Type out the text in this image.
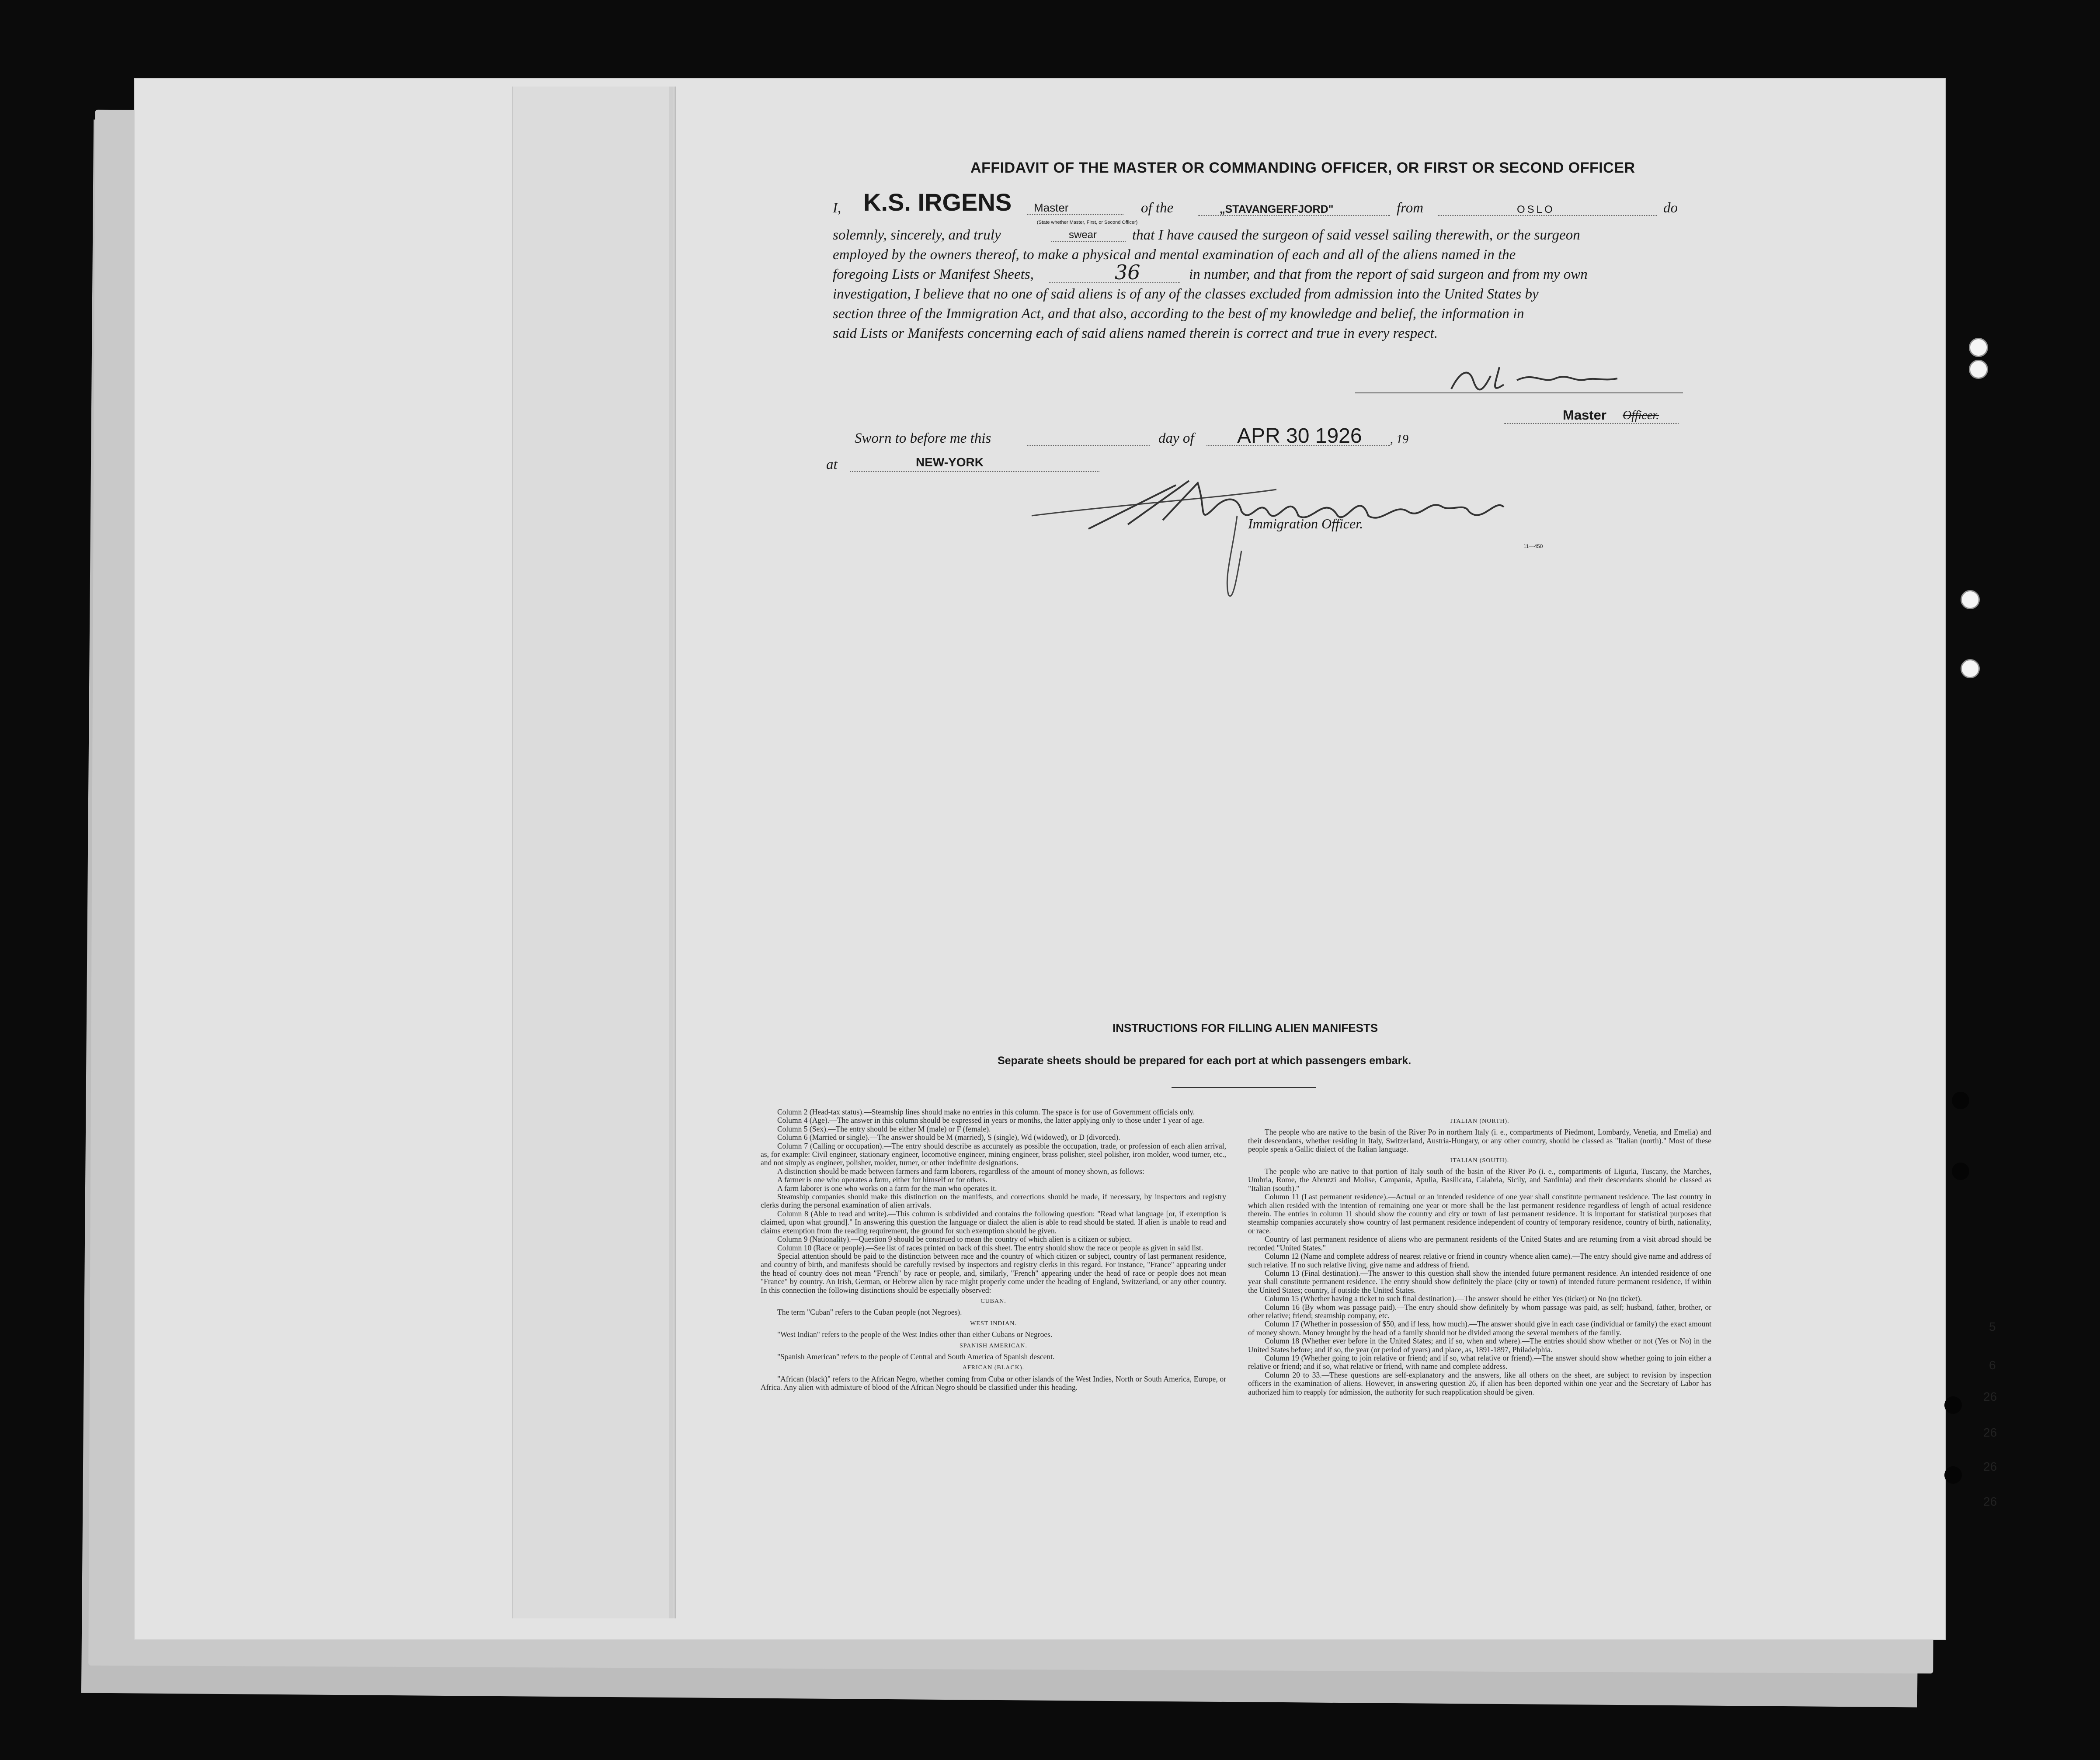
AFFIDAVIT OF THE MASTER OR COMMANDING OFFICER, OR FIRST OR SECOND OFFICER
I, K.S. IRGENS Master
(State whether Master, First, or Second Officer)
of the	„STAVANGERFJORD"	from	OSLO	do
solemnly, sincerely, and truly	swear that I have caused the surgeon of said vessel sailing therewith, or the surgeon
employed by the owners thereof, to make a physical and mental examination of each and all of the aliens named in the
foregoing Lists or Manifest Sheets,	36	in number, and that from the report of said surgeon and from my own
investigation, I believe that no one of said aliens is of any of the classes excluded from admission into the United States by
section three of the Immigration Act, and that also, according to the best of my knowledge and belief, the information in
said Lists or Manifests concerning each of said aliens named therein is correct and true in every respect.
Master Officer.
Sworn to before me this	day of APR 30 1926 , 19
at	NEW-YORK
Immigration Officer.
11—450
INSTRUCTIONS FOR FILLING ALIEN MANIFESTS
Separate sheets should be prepared for each port at which passengers embark.

Column 2 (Head-tax status).—Steamship lines should make no entries in this column. The space is for use of Government officials only.

Column 4 (Age).—The answer in this column should be expressed in years or months, the latter applying only to those under 1 year of age.

Column 5 (Sex).—The entry should be either M (male) or F (female).

Column 6 (Married or single).—The answer should be M (married), S (single), Wd (widowed), or D (divorced).

Column 7 (Calling or occupation).—The entry should describe as accurately as possible the occupation, trade, or profession of each alien arrival, as, for example: Civil engineer, stationary engineer, locomotive engineer, mining engineer, brass polisher, steel polisher, iron molder, wood turner, etc., and not simply as engineer, polisher, molder, turner, or other indefinite designations.

A distinction should be made between farmers and farm laborers, regardless of the amount of money shown, as follows:

A farmer is one who operates a farm, either for himself or for others.

A farm laborer is one who works on a farm for the man who operates it.

Steamship companies should make this distinction on the manifests, and corrections should be made, if necessary, by inspectors and registry clerks during the personal examination of alien arrivals.

Column 8 (Able to read and write).—This column is subdivided and contains the following question: "Read what language [or, if exemption is claimed, upon what ground]." In answering this question the language or dialect the alien is able to read should be stated. If alien is unable to read and claims exemption from the reading requirement, the ground for such exemption should be given.

Column 9 (Nationality).—Question 9 should be construed to mean the country of which alien is a citizen or subject.

Column 10 (Race or people).—See list of races printed on back of this sheet. The entry should show the race or people as given in said list.

Special attention should be paid to the distinction between race and the country of which citizen or subject, country of last permanent residence, and country of birth, and manifests should be carefully revised by inspectors and registry clerks in this regard. For instance, "France" appearing under the head of country does not mean "French" by race or people, and, similarly, "French" appearing under the head of race or people does not mean "France" by country. An Irish, German, or Hebrew alien by race might properly come under the heading of England, Switzerland, or any other country. In this connection the following distinctions should be especially observed:

CUBAN.

The term "Cuban" refers to the Cuban people (not Negroes).

WEST INDIAN.

"West Indian" refers to the people of the West Indies other than either Cubans or Negroes.

SPANISH AMERICAN.

"Spanish American" refers to the people of Central and South America of Spanish descent.

AFRICAN (BLACK).

"African (black)" refers to the African Negro, whether coming from Cuba or other islands of the West Indies, North or South America, Europe, or Africa. Any alien with admixture of blood of the African Negro should be classified under this heading.

ITALIAN (NORTH).

The people who are native to the basin of the River Po in northern Italy (i. e., compartments of Piedmont, Lombardy, Venetia, and Emelia) and their descendants, whether residing in Italy, Switzerland, Austria-Hungary, or any other country, should be classed as "Italian (north)." Most of these people speak a Gallic dialect of the Italian language.

ITALIAN (SOUTH).

The people who are native to that portion of Italy south of the basin of the River Po (i. e., compartments of Liguria, Tuscany, the Marches, Umbria, Rome, the Abruzzi and Molise, Campania, Apulia, Basilicata, Calabria, Sicily, and Sardinia) and their descendants should be classed as "Italian (south)."

Column 11 (Last permanent residence).—Actual or an intended residence of one year shall constitute permanent residence. The last country in which alien resided with the intention of remaining one year or more shall be the last permanent residence regardless of length of actual residence therein. The entries in column 11 should show the country and city or town of last permanent residence. It is important for statistical purposes that steamship companies accurately show country of last permanent residence independent of country of temporary residence, country of birth, nationality, or race.

Country of last permanent residence of aliens who are permanent residents of the United States and are returning from a visit abroad should be recorded "United States."

Column 12 (Name and complete address of nearest relative or friend in country whence alien came).—The entry should give name and address of such relative. If no such relative living, give name and address of friend.

Column 13 (Final destination).—The answer to this question shall show the intended future permanent residence. An intended residence of one year shall constitute permanent residence. The entry should show definitely the place (city or town) of intended future permanent residence, if within the United States; country, if outside the United States.

Column 15 (Whether having a ticket to such final destination).—The answer should be either Yes (ticket) or No (no ticket).

Column 16 (By whom was passage paid).—The entry should show definitely by whom passage was paid, as self; husband, father, brother, or other relative; friend; steamship company, etc.

Column 17 (Whether in possession of $50, and if less, how much).—The answer should give in each case (individual or family) the exact amount of money shown. Money brought by the head of a family should not be divided among the several members of the family.

Column 18 (Whether ever before in the United States; and if so, when and where).—The entries should show whether or not (Yes or No) in the United States before; and if so, the year (or period of years) and place, as, 1891-1897, Philadelphia.

Column 19 (Whether going to join relative or friend; and if so, what relative or friend).—The answer should show whether going to join either a relative or friend; and if so, what relative or friend, with name and complete address.

Column 20 to 33.—These questions are self-explanatory and the answers, like all others on the sheet, are subject to revision by inspection officers in the examination of aliens. However, in answering question 26, if alien has been deported within one year and the Secretary of Labor has authorized him to reapply for admission, the authority for such reapplication should be given.

5
6
26
26
26
26
